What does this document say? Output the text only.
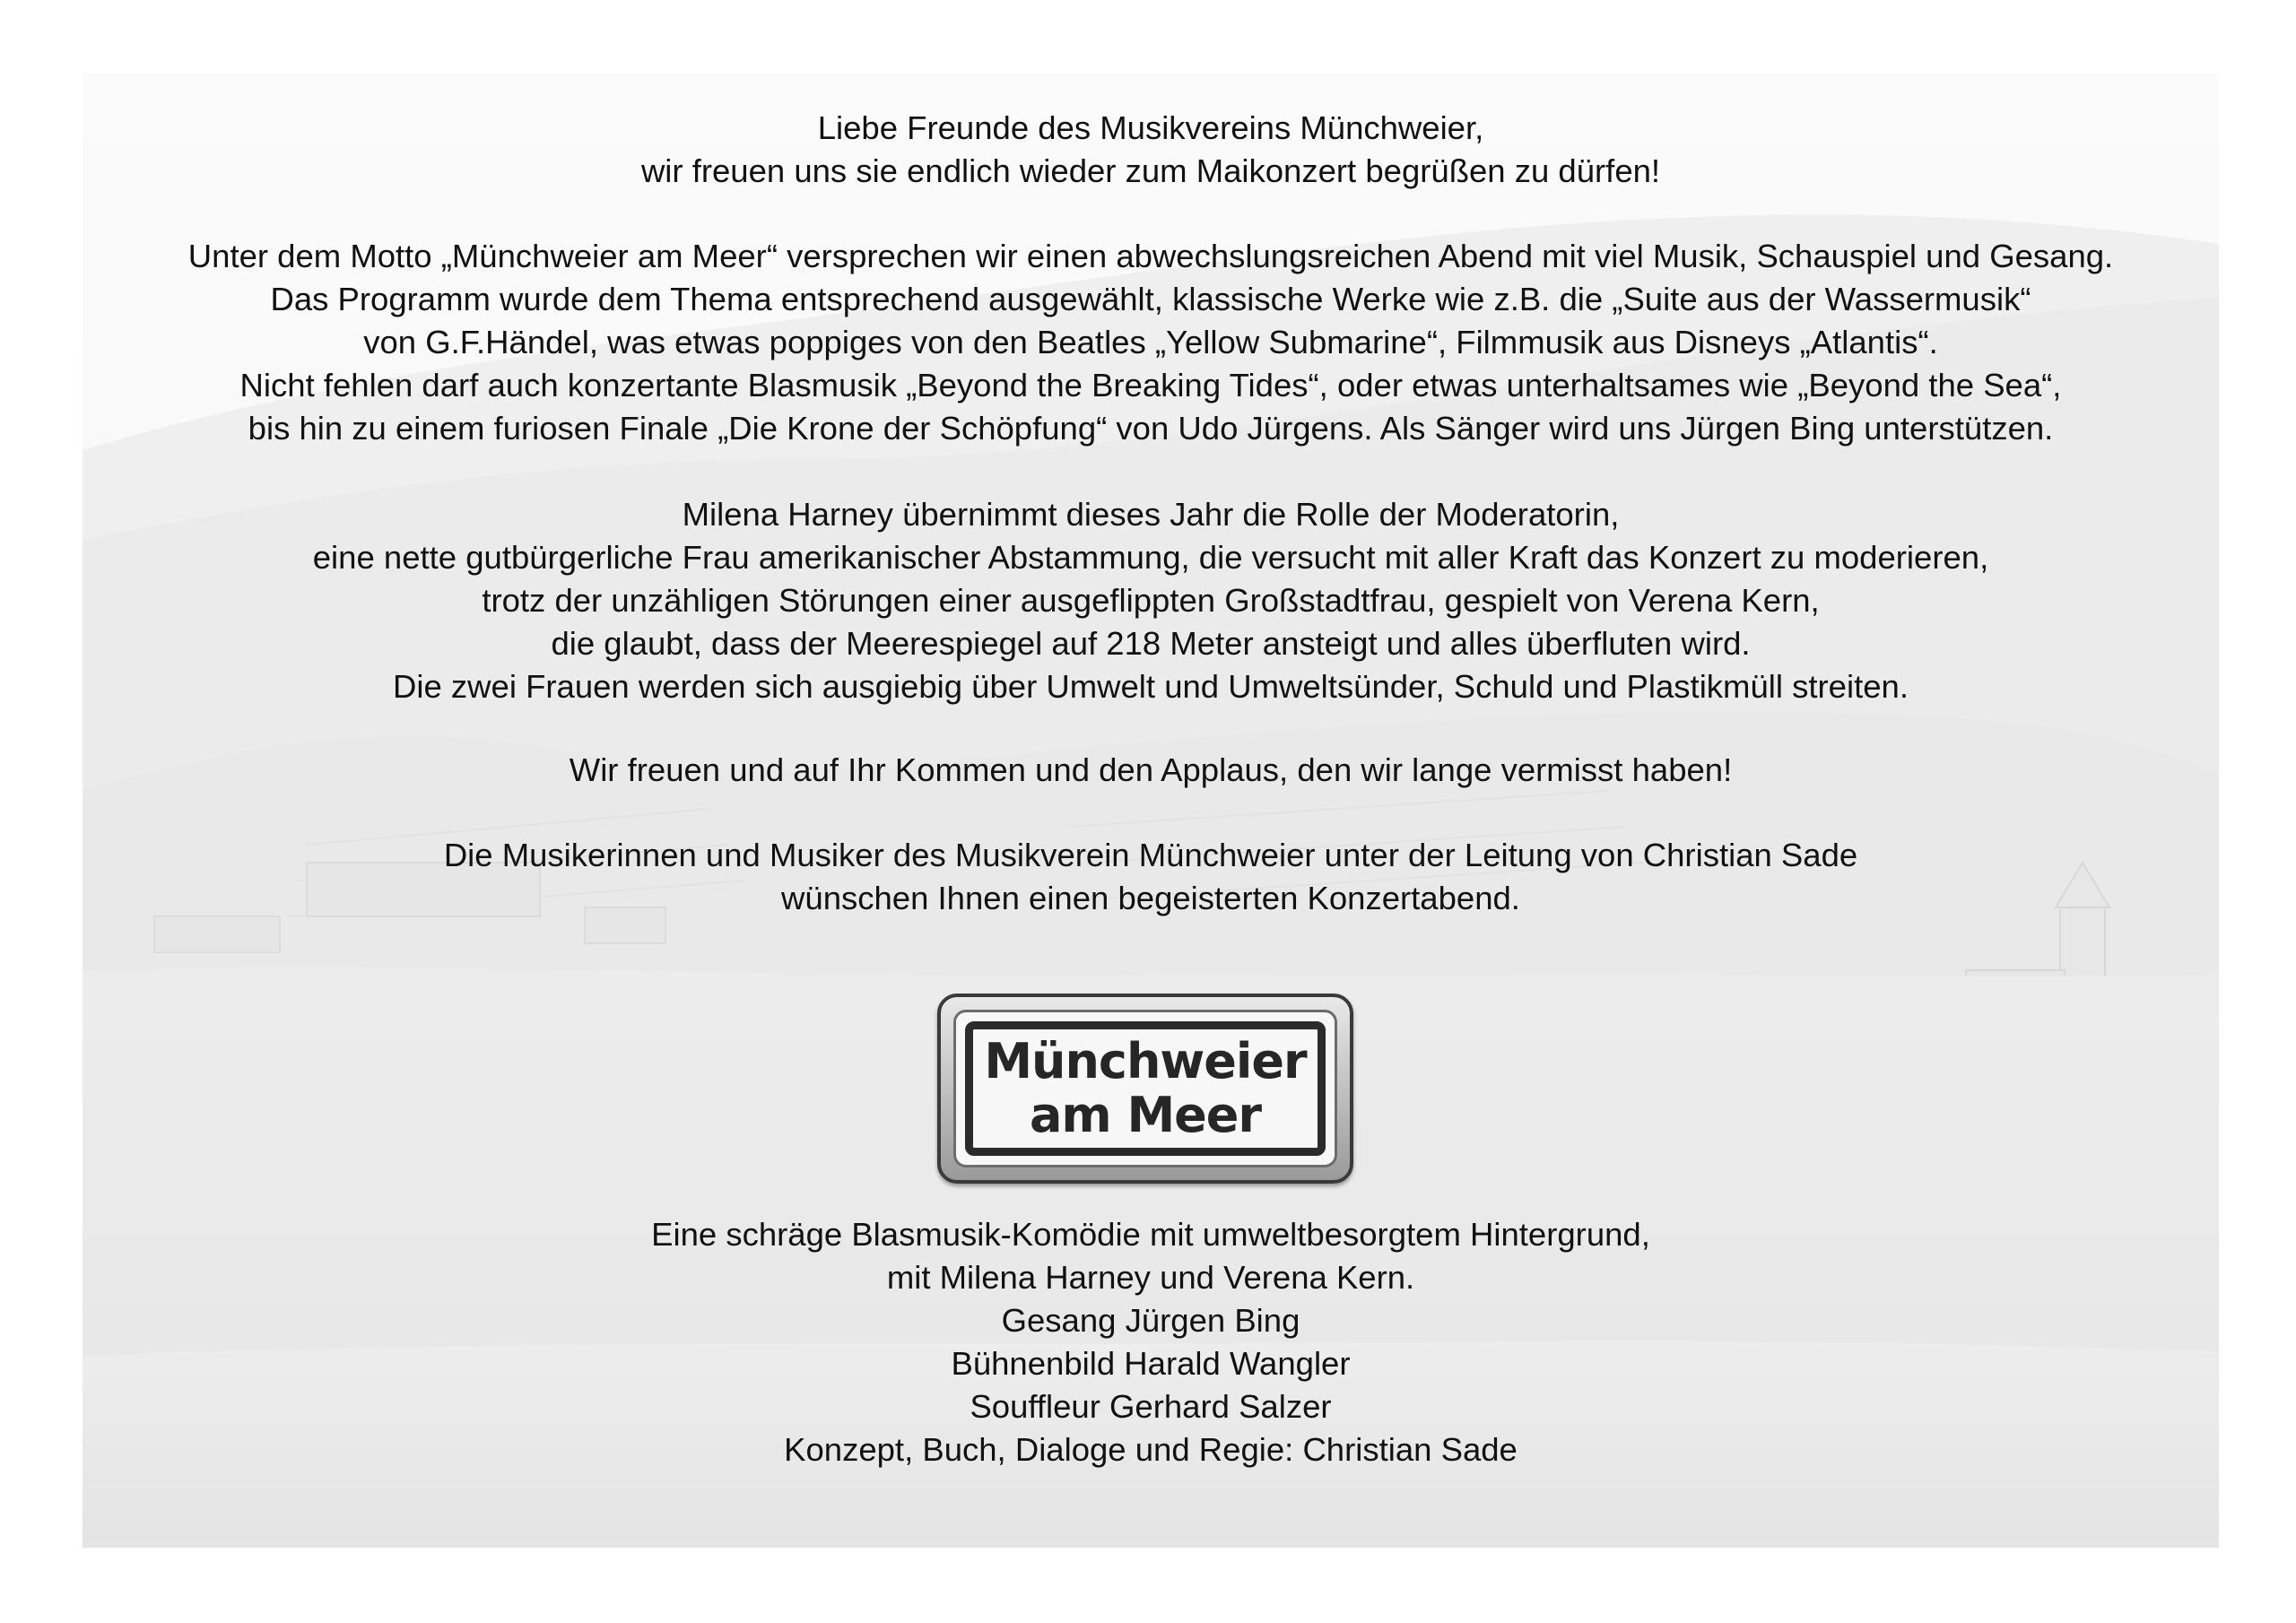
Liebe Freunde des Musikvereins Münchweier,
wir freuen uns sie endlich wieder zum Maikonzert begrüßen zu dürfen!
Unter dem Motto „Münchweier am Meer“ versprechen wir einen abwechslungsreichen Abend mit viel Musik, Schauspiel und Gesang.
Das Programm wurde dem Thema entsprechend ausgewählt, klassische Werke wie z.B. die „Suite aus der Wassermusik“
von G.F.Händel, was etwas poppiges von den Beatles „Yellow Submarine“, Filmmusik aus Disneys „Atlantis“.
Nicht fehlen darf auch konzertante Blasmusik „Beyond the Breaking Tides“, oder etwas unterhaltsames wie „Beyond the Sea“,
bis hin zu einem furiosen Finale „Die Krone der Schöpfung“ von Udo Jürgens. Als Sänger wird uns Jürgen Bing unterstützen.
Milena Harney übernimmt dieses Jahr die Rolle der Moderatorin,
eine nette gutbürgerliche Frau amerikanischer Abstammung, die versucht mit aller Kraft das Konzert zu moderieren,
trotz der unzähligen Störungen einer ausgeflippten Großstadtfrau, gespielt von Verena Kern,
die glaubt, dass der Meerespiegel auf 218 Meter ansteigt und alles überfluten wird.
Die zwei Frauen werden sich ausgiebig über Umwelt und Umweltsünder, Schuld und Plastikmüll streiten.
Wir freuen und auf Ihr Kommen und den Applaus, den wir lange vermisst haben!
Die Musikerinnen und Musiker des Musikverein Münchweier unter der Leitung von Christian Sade
wünschen Ihnen einen begeisterten Konzertabend.
Münchweier
am Meer
Eine schräge Blasmusik-Komödie mit umweltbesorgtem Hintergrund,
mit Milena Harney und Verena Kern.
Gesang Jürgen Bing
Bühnenbild Harald Wangler
Souffleur Gerhard Salzer
Konzept, Buch, Dialoge und Regie: Christian Sade
